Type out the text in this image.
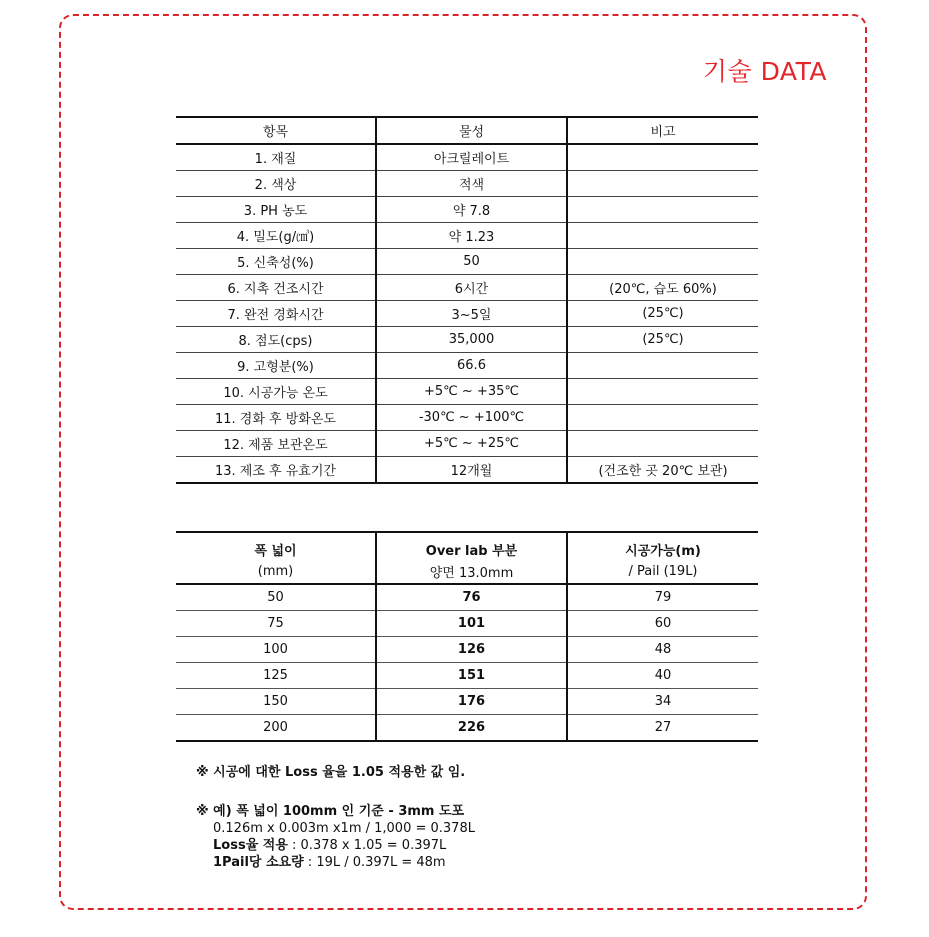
기술 DATA
항목	물성	비고
1. 재질	아크릴레이트	
2. 색상	적색	
3. PH 농도	약 7.8	
4. 밀도(g/㎤)	약 1.23	
5. 신축성(%)	50	
6. 지촉 건조시간	6시간	(20℃, 습도 60%)
7. 완전 경화시간	3~5일	(25℃)
8. 점도(cps)	35,000	(25℃)
9. 고형분(%)	66.6	
10. 시공가능 온도	+5℃ ~ +35℃	
11. 경화 후 방화온도	-30℃ ~ +100℃	
12. 제품 보관온도	+5℃ ~ +25℃	
13. 제조 후 유효기간	12개월	(건조한 곳 20℃ 보관)
폭 넓이	Over lab 부분	시공가능(m)
(mm)	양면 13.0mm	/ Pail (19L)
50	76	79
75	101	60
100	126	48
125	151	40
150	176	34
200	226	27
※ 시공에 대한 Loss 율을 1.05 적용한 값 임.
※ 예) 폭 넓이 100mm 인 기준 - 3mm 도포
0.126m x 0.003m x1m / 1,000 = 0.378L
Loss율 적용 : 0.378 x 1.05 = 0.397L
1Pail당 소요량 : 19L / 0.397L = 48m
